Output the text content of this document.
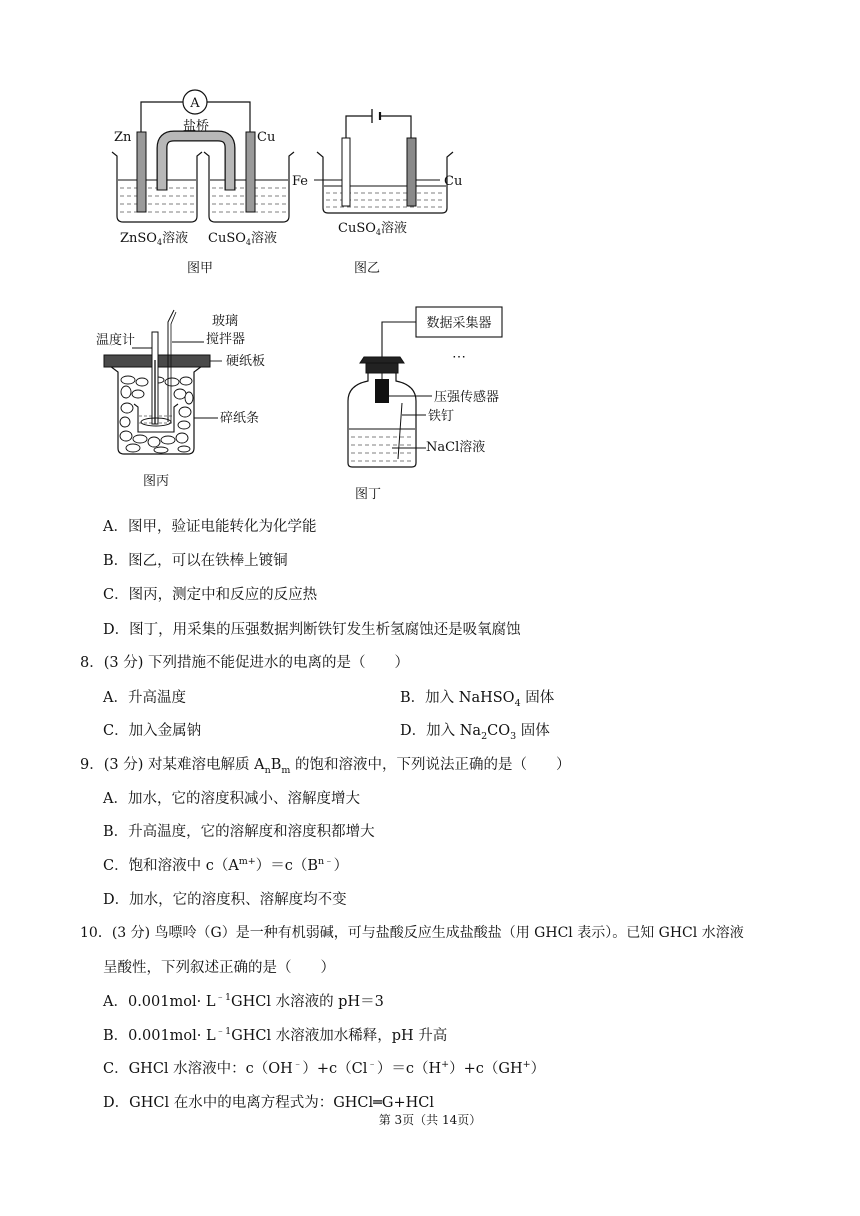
A
盐桥
Zn	Cu
ZnSO$_4$溶液 CuSO$_4$溶液
图甲
Fe	Cu
CuSO$_4$溶液
图乙
温度计
玻璃
搅拌器
硬纸板
碎纸条
图丙
数据采集器
⋯
压强传感器
铁钉
NaCl溶液
图丁
A．图甲，验证电能转化为化学能
B．图乙，可以在铁棒上镀铜
C．图丙，测定中和反应的反应热
D．图丁，用采集的压强数据判断铁钉发生析氢腐蚀还是吸氧腐蚀
8．(3 分) 下列措施不能促进水的电离的是（　　）
A．升高温度	B．加入 NaHSO$_4$ 固体
C．加入金属钠	D．加入 $Na_2CO_3$ 固体
9．(3 分) 对某难溶电解质 $A_nB_m$ 的饱和溶液中，下列说法正确的是（　　）
A．加水，它的溶度积减小、溶解度增大
B．升高温度，它的溶解度和溶度积都增大
C．饱和溶液中 $c(A^{m+})=c(B^{n﹣})$
D．加水，它的溶度积、溶解度均不变
10．(3 分) 鸟嘌呤（G）是一种有机弱碱，可与盐酸反应生成盐酸盐（用 GHCl 表示）。已知 GHCl 水溶液
呈酸性，下列叙述正确的是（　　）
A．$0.001mol\cdot L^{﹣1}GHCl$ 水溶液的 pH＝3
B．$0.001mol\cdot L^{﹣1}GHCl$ 水溶液加水稀释，pH 升高
C．GHCl 水溶液中：c（OH﹣）+c（Cl﹣）＝c（H+）+c（GH+）
D．GHCl 在水中的电离方程式为：GHCl═G+HCl
第 3页（共 14页）
